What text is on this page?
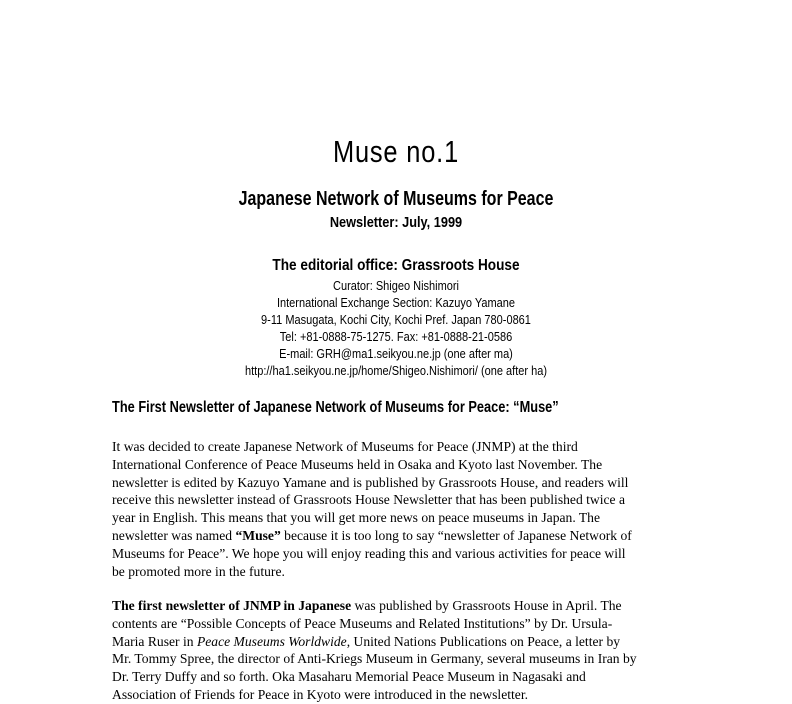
Muse no.1
Japanese Network of Museums for Peace
Newsletter: July, 1999
The editorial office: Grassroots House
Curator: Shigeo Nishimori
International Exchange Section: Kazuyo Yamane
9-11 Masugata, Kochi City, Kochi Pref. Japan 780-0861
Tel: +81-0888-75-1275. Fax: +81-0888-21-0586
E-mail: GRH@ma1.seikyou.ne.jp (one after ma)
http://ha1.seikyou.ne.jp/home/Shigeo.Nishimori/ (one after ha)
The First Newsletter of Japanese Network of Museums for Peace: “Muse”
It was decided to create Japanese Network of Museums for Peace (JNMP) at the third
International Conference of Peace Museums held in Osaka and Kyoto last November. The
newsletter is edited by Kazuyo Yamane and is published by Grassroots House, and readers will
receive this newsletter instead of Grassroots House Newsletter that has been published twice a
year in English. This means that you will get more news on peace museums in Japan. The
newsletter was named “Muse” because it is too long to say “newsletter of Japanese Network of
Museums for Peace”. We hope you will enjoy reading this and various activities for peace will
be promoted more in the future.
The first newsletter of JNMP in Japanese was published by Grassroots House in April. The
contents are “Possible Concepts of Peace Museums and Related Institutions” by Dr. Ursula-
Maria Ruser in Peace Museums Worldwide, United Nations Publications on Peace, a letter by
Mr. Tommy Spree, the director of Anti-Kriegs Museum in Germany, several museums in Iran by
Dr. Terry Duffy and so forth. Oka Masaharu Memorial Peace Museum in Nagasaki and
Association of Friends for Peace in Kyoto were introduced in the newsletter.
